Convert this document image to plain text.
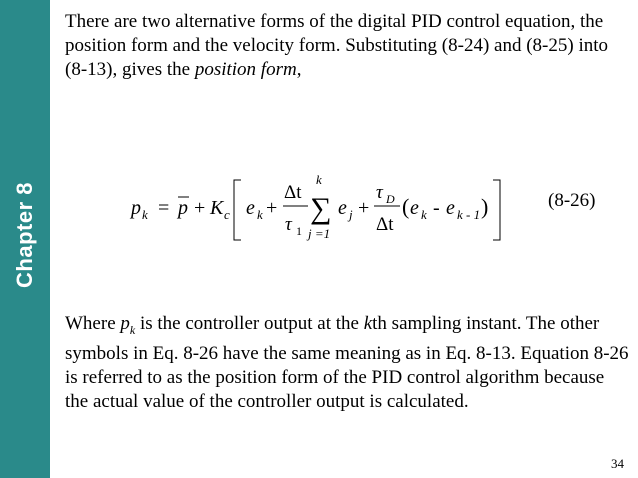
Chapter 8
There are two alternative forms of the digital PID control equation, the position form and the velocity form. Substituting (8-24) and (8-25) into (8-13), gives the position form,
p k = p + K c e k +
Δt
τ 1
k
∑
j =1
e j +
τ D
Δt
( e k - e k - 1 )	(8-26)
Where $p_k$ is the controller output at the kth sampling instant. The other symbols in Eq. 8-26 have the same meaning as in Eq. 8-13. Equation 8-26 is referred to as the position form of the PID control algorithm because the actual value of the controller output is calculated.
34
